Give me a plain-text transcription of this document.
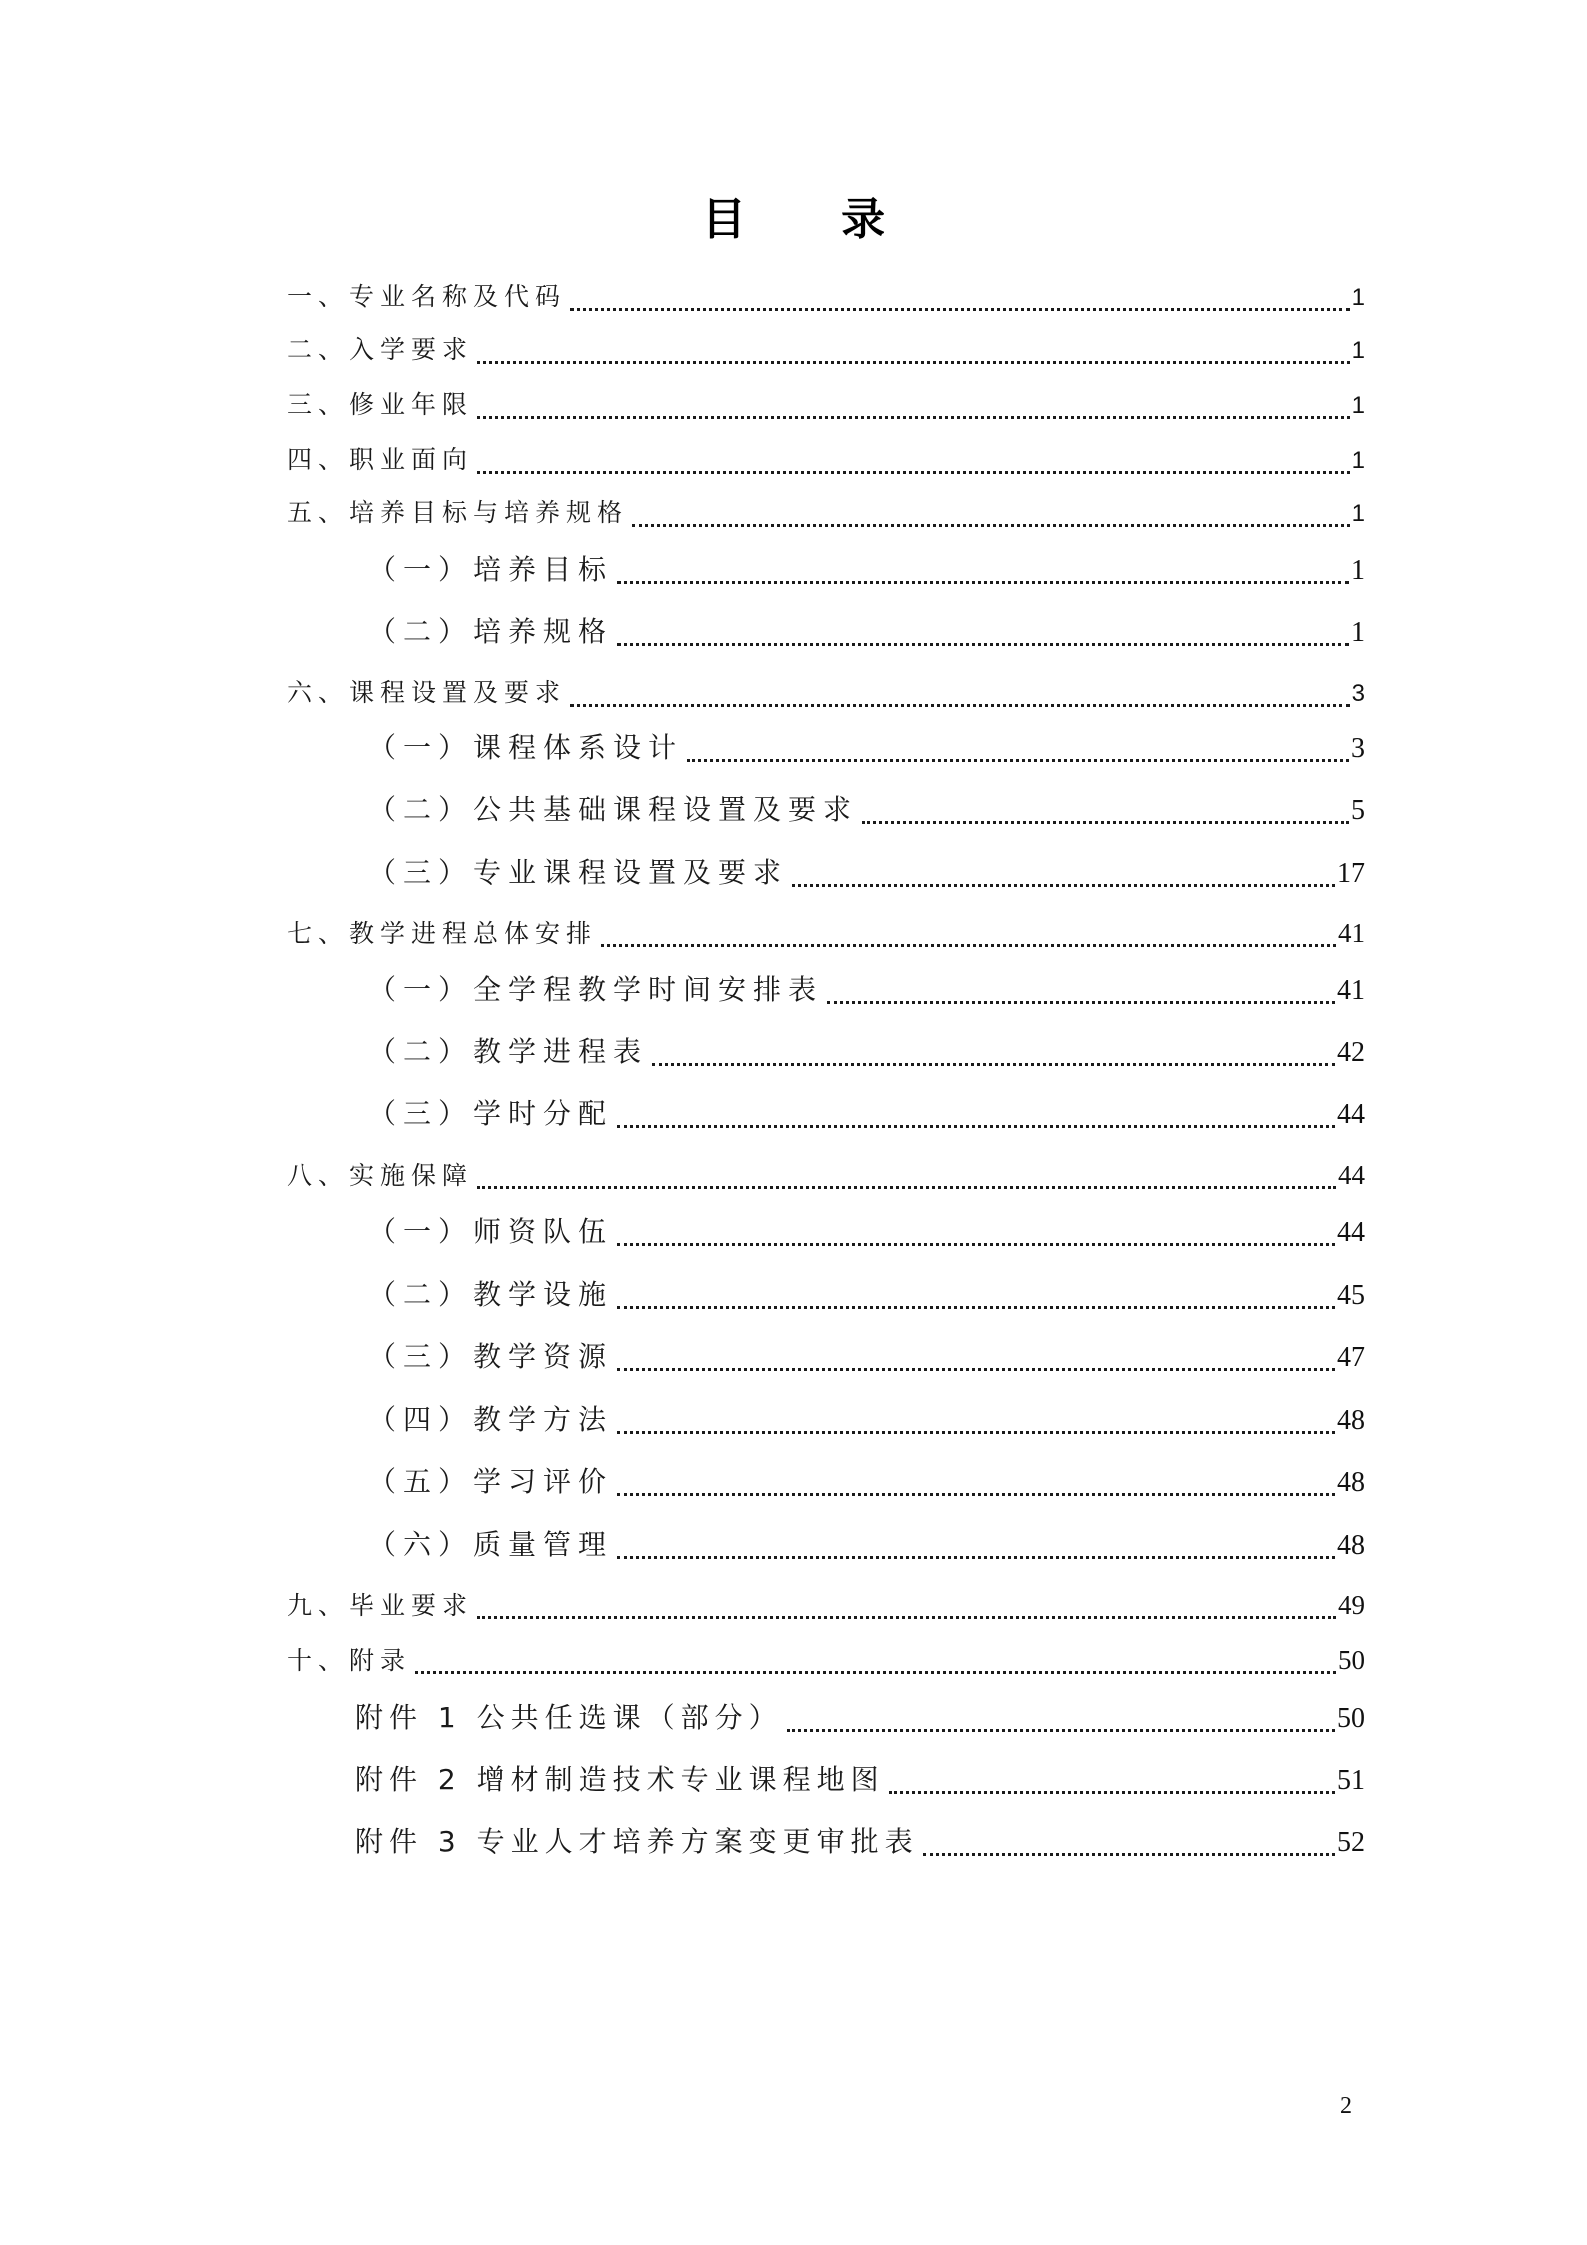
目 录
一、专业名称及代码	1
二、入学要求	1
三、修业年限	1
四、职业面向	1
五、培养目标与培养规格	1
（一）培养目标	1
（二）培养规格	1
六、课程设置及要求	3
（一）课程体系设计	3
（二）公共基础课程设置及要求	5
（三）专业课程设置及要求	17
七、教学进程总体安排	41
（一）全学程教学时间安排表	41
（二）教学进程表	42
（三）学时分配	44
八、实施保障	44
（一）师资队伍	44
（二）教学设施	45
（三）教学资源	47
（四）教学方法	48
（五）学习评价	48
（六）质量管理	48
九、毕业要求	49
十、附录	50
附件 1 公共任选课（部分）	50
附件 2 增材制造技术专业课程地图	51
附件 3 专业人才培养方案变更审批表	52
2
